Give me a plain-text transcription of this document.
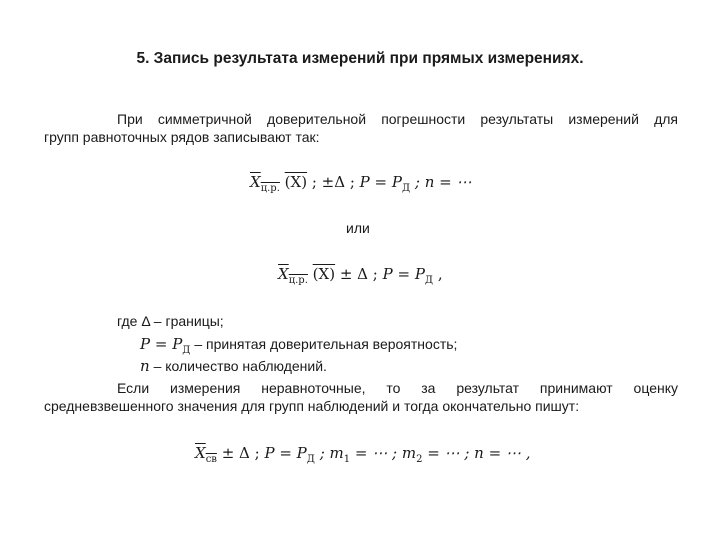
5. Запись результата измерений при прямых измерениях.
При симметричной доверительной погрешности результаты измерений для
групп равноточных рядов записывают так:
$X_{ц.р.}$ (X) ; ±Δ ; $P = P_Д$ ; n = ⋯
или
$X_{ц.р.}$ (X) ± Δ ; $P = P_Д$ ,
где Δ – границы;
$P = P_Д$ – принятая доверительная вероятность;
n – количество наблюдений.
Если измерения неравноточные, то за результат принимают оценку
средневзвешенного значения для групп наблюдений и тогда окончательно пишут:
$X_{св} \pm \Delta$ ; $P = P_Д$ ; $m_1$ = ⋯ ; $m_2$ = ⋯ ; n = ⋯ ,
